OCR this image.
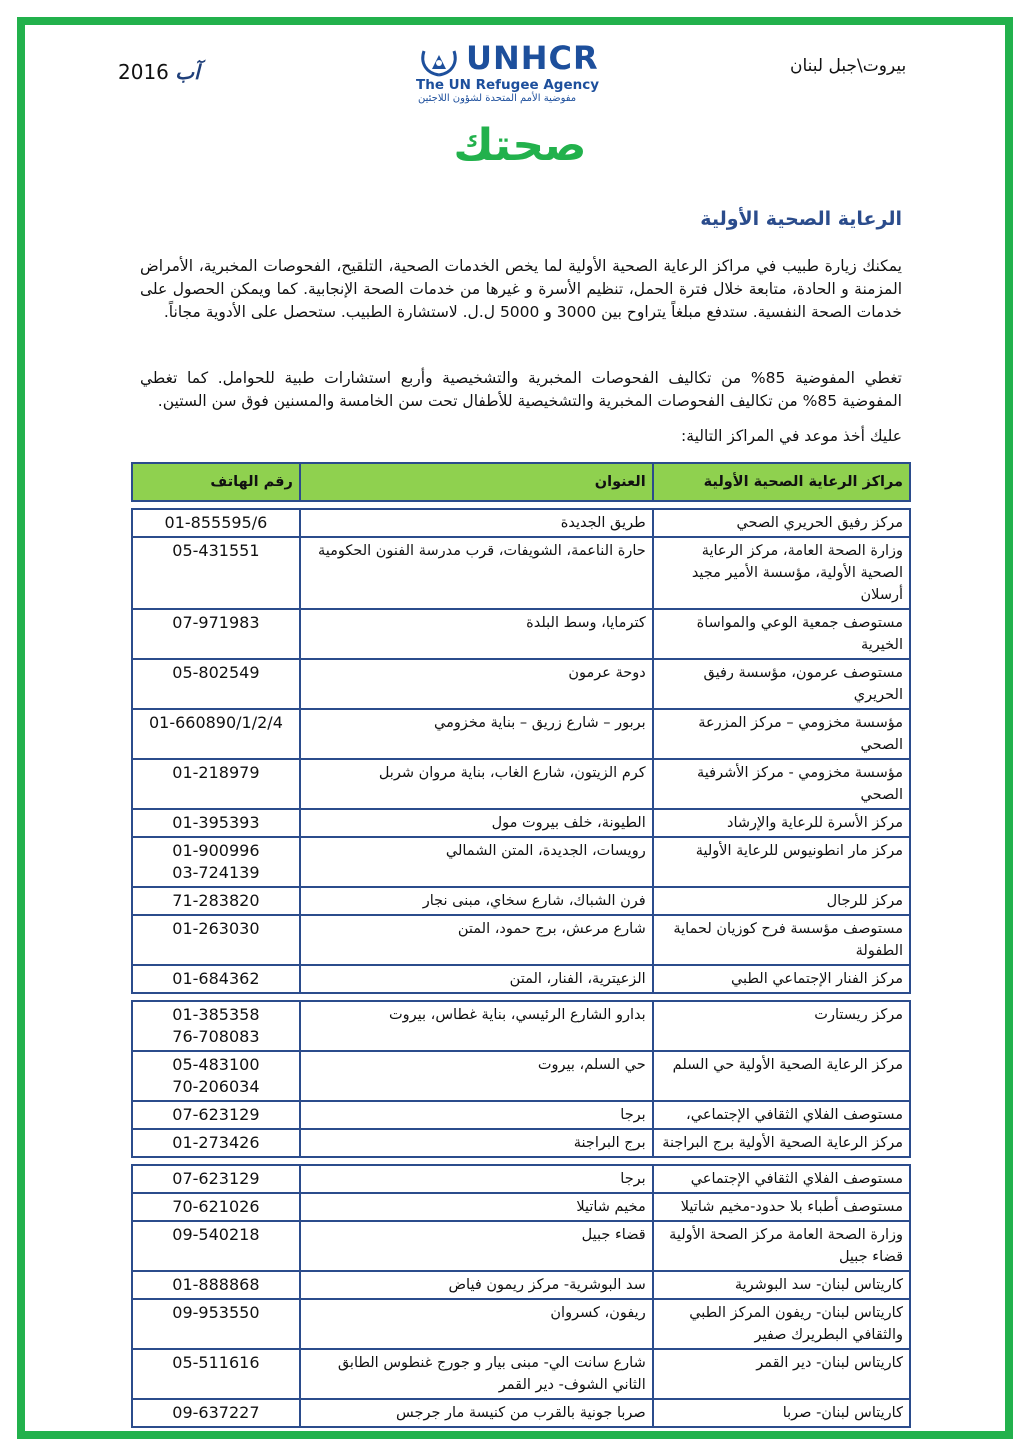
2016 آب	بيروت\جبل لبنان
UNHCR
The UN Refugee Agency
مفوضية الأمم المتحدة لشؤون اللاجئين
صحتك
الرعاية الصحية الأولية
يمكنك زيارة طبيب في مراكز الرعاية الصحية الأولية لما يخص الخدمات الصحية، التلقيح، الفحوصات المخبرية، الأمراض المزمنة و الحادة، متابعة خلال فترة الحمل، تنظيم الأسرة و غيرها من خدمات الصحة الإنجابية. كما ويمكن الحصول على خدمات الصحة النفسية. ستدفع مبلغاً يتراوح بين 3000 و 5000 ل.ل. لاستشارة الطبيب. ستحصل على الأدوية مجاناً.
تغطي المفوضية 85% من تكاليف الفحوصات المخبرية والتشخيصية وأربع استشارات طبية للحوامل. كما تغطي المفوضية 85% من تكاليف الفحوصات المخبرية والتشخيصية للأطفال تحت سن الخامسة والمسنين فوق سن الستين.
عليك أخذ موعد في المراكز التالية:
مراكز الرعاية الصحية الأولية	العنوان	رقم الهاتف

مركز رفيق الحريري الصحي	طريق الجديدة	01-855595/6
وزارة الصحة العامة، مركز الرعاية الصحية الأولية، مؤسسة الأمير مجيد أرسلان	حارة الناعمة، الشويفات، قرب مدرسة الفنون الحكومية	05-431551
مستوصف جمعية الوعي والمواساة الخيرية	كترمايا، وسط البلدة	07-971983
مستوصف عرمون، مؤسسة رفيق الحريري	دوحة عرمون	05-802549
مؤسسة مخزومي – مركز المزرعة الصحي	بربور – شارع زريق – بناية مخزومي	01-660890/1/2/4
مؤسسة مخزومي - مركز الأشرفية الصحي	كرم الزيتون، شارع الغاب، بناية مروان شربل	01-218979
مركز الأسرة للرعاية والإرشاد	الطيونة، خلف بيروت مول	01-395393
مركز مار انطونيوس للرعاية الأولية	رويسات، الجديدة، المتن الشمالي	01-900996
03-724139
مركز للرجال	فرن الشباك، شارع سخاي، مبنى نجار	71-283820
مستوصف مؤسسة فرح كوزيان لحماية الطفولة	شارع مرعش، برج حمود، المتن	01-263030
مركز الفنار الإجتماعي الطبي	الزعيترية، الفنار، المتن	01-684362

مركز ريستارت	بدارو الشارع الرئيسي، بناية غطاس، بيروت	01-385358
76-708083
مركز الرعاية الصحية الأولية حي السلم	حي السلم، بيروت	05-483100
70-206034
مستوصف الفلاي الثقافي الإجتماعي،	برجا	07-623129
مركز الرعاية الصحية الأولية برج البراجنة	برج البراجنة	01-273426

مستوصف الفلاي الثقافي الإجتماعي	برجا	07-623129
مستوصف أطباء بلا حدود-مخيم شاتيلا	مخيم شاتيلا	70-621026
وزارة الصحة العامة مركز الصحة الأولية قضاء جبيل	قضاء جبيل	09-540218
كاريتاس لبنان- سد البوشرية	سد البوشرية- مركز ريمون فياض	01-888868
كاريتاس لبنان- ريفون المركز الطبي والثقافي البطريرك صفير	ريفون، كسروان	09-953550
كاريتاس لبنان- دير القمر	شارع سانت الي- مبنى بيار و جورج غنطوس الطابق الثاني الشوف- دير القمر	05-511616
كاريتاس لبنان- صربا	صربا جونية بالقرب من كنيسة مار جرجس	09-637227
